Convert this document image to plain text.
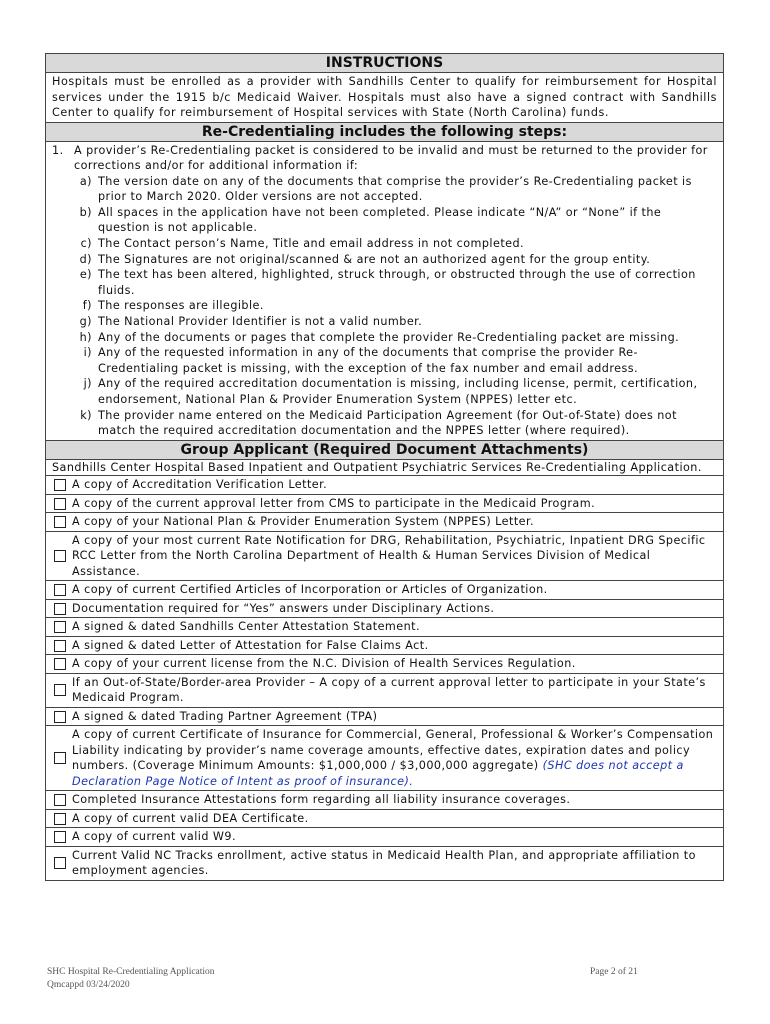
INSTRUCTIONS
Hospitals must be enrolled as a provider with Sandhills Center to qualify for reimbursement for Hospital services under the 1915 b/c Medicaid Waiver. Hospitals must also have a signed contract with Sandhills Center to qualify for reimbursement of Hospital services with State (North Carolina) funds.
Re-Credentialing includes the following steps:
1. A provider’s Re-Credentialing packet is considered to be invalid and must be returned to the provider for corrections and/or for additional information if:
a) The version date on any of the documents that comprise the provider’s Re-Credentialing packet is prior to March 2020. Older versions are not accepted.
b) All spaces in the application have not been completed. Please indicate “N/A” or “None” if the question is not applicable.
c) The Contact person’s Name, Title and email address in not completed.
d) The Signatures are not original/scanned & are not an authorized agent for the group entity.
e) The text has been altered, highlighted, struck through, or obstructed through the use of correction fluids.
f) The responses are illegible.
g) The National Provider Identifier is not a valid number.
h) Any of the documents or pages that complete the provider Re-Credentialing packet are missing.
i) Any of the requested information in any of the documents that comprise the provider Re-Credentialing packet is missing, with the exception of the fax number and email address.
j) Any of the required accreditation documentation is missing, including license, permit, certification, endorsement, National Plan & Provider Enumeration System (NPPES) letter etc.
k) The provider name entered on the Medicaid Participation Agreement (for Out-of-State) does not match the required accreditation documentation and the NPPES letter (where required).
Group Applicant (Required Document Attachments)
Sandhills Center Hospital Based Inpatient and Outpatient Psychiatric Services Re-Credentialing Application.
A copy of Accreditation Verification Letter.
A copy of the current approval letter from CMS to participate in the Medicaid Program.
A copy of your National Plan & Provider Enumeration System (NPPES) Letter.
A copy of your most current Rate Notification for DRG, Rehabilitation, Psychiatric, Inpatient DRG Specific RCC Letter from the North Carolina Department of Health & Human Services Division of Medical Assistance.
A copy of current Certified Articles of Incorporation or Articles of Organization.
Documentation required for “Yes” answers under Disciplinary Actions.
A signed & dated Sandhills Center Attestation Statement.
A signed & dated Letter of Attestation for False Claims Act.
A copy of your current license from the N.C. Division of Health Services Regulation.
If an Out-of-State/Border-area Provider – A copy of a current approval letter to participate in your State’s Medicaid Program.
A signed & dated Trading Partner Agreement (TPA)
A copy of current Certificate of Insurance for Commercial, General, Professional & Worker’s Compensation Liability indicating by provider’s name coverage amounts, effective dates, expiration dates and policy numbers. (Coverage Minimum Amounts: $1,000,000 / $3,000,000 aggregate) (SHC does not accept a Declaration Page Notice of Intent as proof of insurance).
Completed Insurance Attestations form regarding all liability insurance coverages.
A copy of current valid DEA Certificate.
A copy of current valid W9.
Current Valid NC Tracks enrollment, active status in Medicaid Health Plan, and appropriate affiliation to employment agencies.
SHC Hospital Re-Credentialing Application
Qmcappd 03/24/2020
Page 2 of 21
